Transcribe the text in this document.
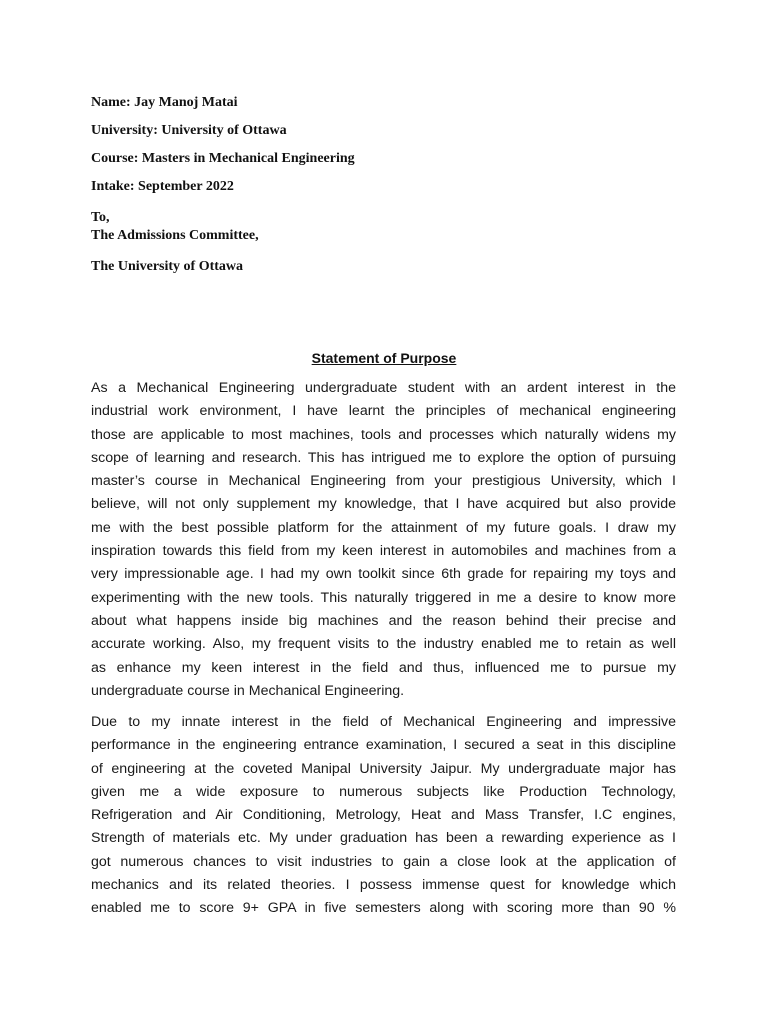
Name: Jay Manoj Matai
University: University of Ottawa
Course: Masters in Mechanical Engineering
Intake: September 2022
To,
The Admissions Committee,
The University of Ottawa
Statement of Purpose
As a Mechanical Engineering undergraduate student with an ardent interest in the
industrial work environment, I have learnt the principles of mechanical engineering
those are applicable to most machines, tools and processes which naturally widens my
scope of learning and research. This has intrigued me to explore the option of pursuing
master’s course in Mechanical Engineering from your prestigious University, which I
believe, will not only supplement my knowledge, that I have acquired but also provide
me with the best possible platform for the attainment of my future goals. I draw my
inspiration towards this field from my keen interest in automobiles and machines from a
very impressionable age. I had my own toolkit since 6th grade for repairing my toys and
experimenting with the new tools. This naturally triggered in me a desire to know more
about what happens inside big machines and the reason behind their precise and
accurate working. Also, my frequent visits to the industry enabled me to retain as well
as enhance my keen interest in the field and thus, influenced me to pursue my
undergraduate course in Mechanical Engineering.
Due to my innate interest in the field of Mechanical Engineering and impressive
performance in the engineering entrance examination, I secured a seat in this discipline
of engineering at the coveted Manipal University Jaipur. My undergraduate major has
given me a wide exposure to numerous subjects like Production Technology,
Refrigeration and Air Conditioning, Metrology, Heat and Mass Transfer, I.C engines,
Strength of materials etc. My under graduation has been a rewarding experience as I
got numerous chances to visit industries to gain a close look at the application of
mechanics and its related theories. I possess immense quest for knowledge which
enabled me to score 9+ GPA in five semesters along with scoring more than 90 %
